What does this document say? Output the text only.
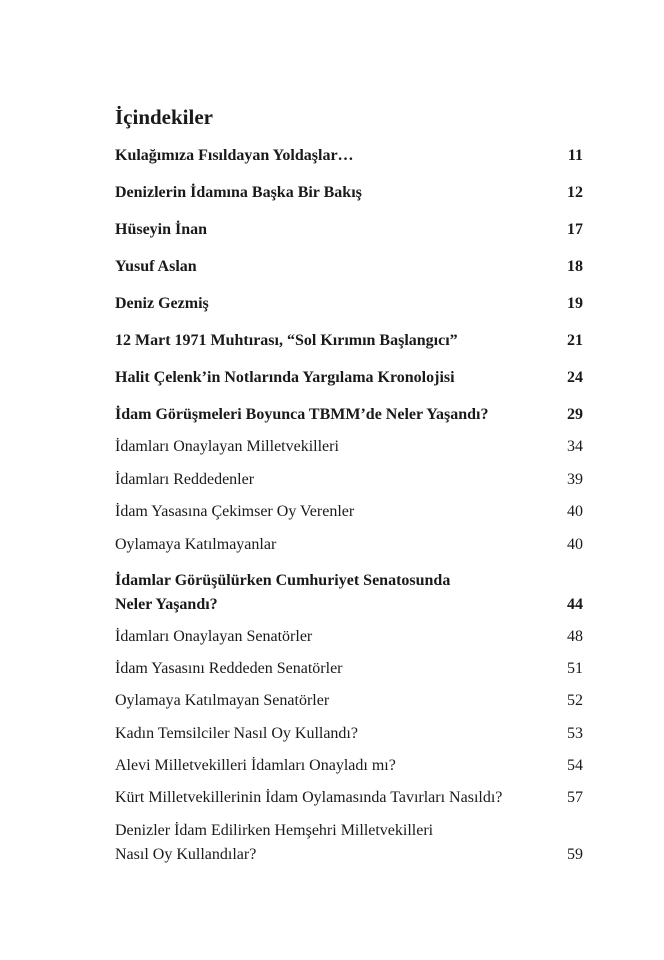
İçindekiler
Kulağımıza Fısıldayan Yoldaşlar…	11
Denizlerin İdamına Başka Bir Bakış	12
Hüseyin İnan	17
Yusuf Aslan	18
Deniz Gezmiş	19
12 Mart 1971 Muhtırası, “Sol Kırımın Başlangıcı”	21
Halit Çelenk’in Notlarında Yargılama Kronolojisi	24
İdam Görüşmeleri Boyunca TBMM’de Neler Yaşandı?	29
İdamları Onaylayan Milletvekilleri	34
İdamları Reddedenler	39
İdam Yasasına Çekimser Oy Verenler	40
Oylamaya Katılmayanlar	40
İdamlar Görüşülürken Cumhuriyet Senatosunda
Neler Yaşandı?	44
İdamları Onaylayan Senatörler	48
İdam Yasasını Reddeden Senatörler	51
Oylamaya Katılmayan Senatörler	52
Kadın Temsilciler Nasıl Oy Kullandı?	53
Alevi Milletvekilleri İdamları Onayladı mı?	54
Kürt Milletvekillerinin İdam Oylamasında Tavırları Nasıldı?	57
Denizler İdam Edilirken Hemşehri Milletvekilleri
Nasıl Oy Kullandılar?	59
